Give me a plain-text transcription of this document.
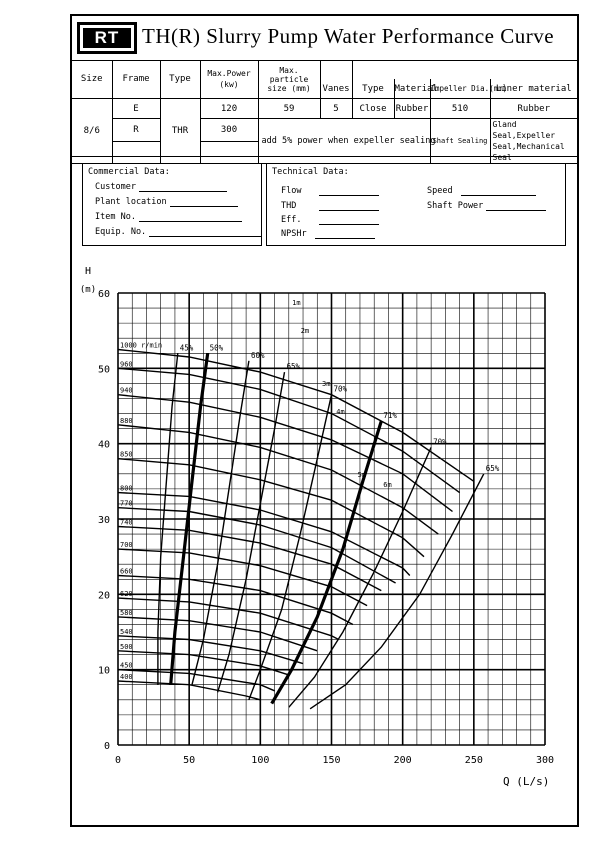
RT	TH(R) Slurry Pump Water Performance Curve
Size	Frame	Type	Max.Power (kw)	Max. particle size (mm)					
					Vanes	Type	Material	Impeller Dia.(mm)	Liner material
8/6	E	THR	120	59	5	Close	Rubber	510	Rubber
	R		300	add 5% power when expeller sealing				Shaft Sealing	Gland Seal,Expeller Seal,Mechanical Seal

Commercial Data:
Customer
Plant location
Item No.
Equip. No.
Technical Data:
Flow
THD
Eff.
NPSHr
Speed
Shaft Power
0	50	100	150	200	250	300
0
10
20
30
40
50
60
Q (L/s)
H
(m)
1000 r/min
960
940
880
850
800
770
740
700
660
620
580
540
500
450
400
45% 50%
60%
65%
70%
71%
70%
65%
6m
5m
4m
3m
2m
1m
